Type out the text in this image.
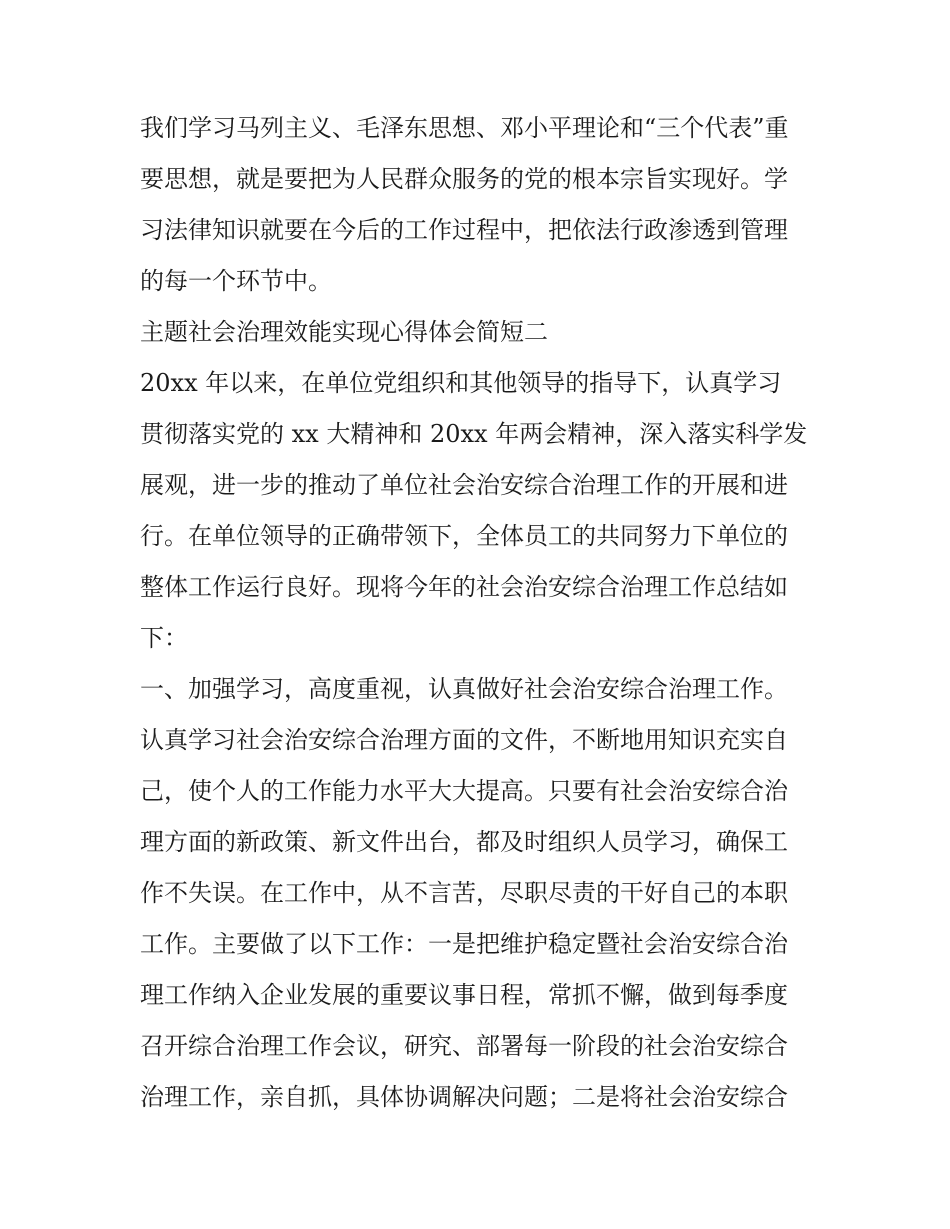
我们学习马列主义、毛泽东思想、邓小平理论和“三个代表”重
要思想，就是要把为人民群众服务的党的根本宗旨实现好。学
习法律知识就要在今后的工作过程中，把依法行政渗透到管理
的每一个环节中。
主题社会治理效能实现心得体会简短二
20xx 年以来，在单位党组织和其他领导的指导下，认真学习
贯彻落实党的 xx 大精神和 20xx 年两会精神，深入落实科学发
展观，进一步的推动了单位社会治安综合治理工作的开展和进
行。在单位领导的正确带领下，全体员工的共同努力下单位的
整体工作运行良好。现将今年的社会治安综合治理工作总结如
下：
一、加强学习，高度重视，认真做好社会治安综合治理工作。
认真学习社会治安综合治理方面的文件，不断地用知识充实自
己，使个人的工作能力水平大大提高。只要有社会治安综合治
理方面的新政策、新文件出台，都及时组织人员学习，确保工
作不失误。在工作中，从不言苦，尽职尽责的干好自己的本职
工作。主要做了以下工作：一是把维护稳定暨社会治安综合治
理工作纳入企业发展的重要议事日程，常抓不懈，做到每季度
召开综合治理工作会议，研究、部署每一阶段的社会治安综合
治理工作，亲自抓，具体协调解决问题；二是将社会治安综合
